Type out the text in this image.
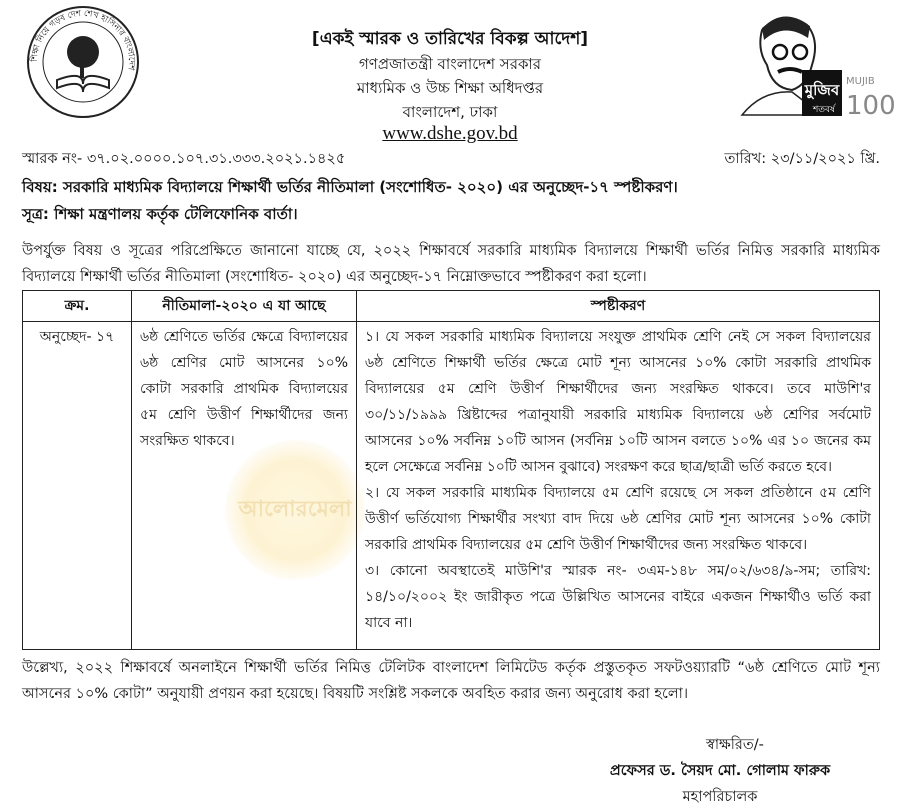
শিক্ষা নিয়ে গড়ব দেশ শেখ হাসিনার বাংলাদেশ
মুজিব
শতবর্ষ
MUJIB
100
[একই স্মারক ও তারিখের বিকল্প আদেশ]
গণপ্রজাতন্ত্রী বাংলাদেশ সরকার
মাধ্যমিক ও উচ্চ শিক্ষা অধিদপ্তর
বাংলাদেশ, ঢাকা
www.dshe.gov.bd
স্মারক নং- ৩৭.০২.০০০০.১০৭.৩১.৩৩৩.২০২১.১৪২৫	তারিখ: ২৩/১১/২০২১ খ্রি.
বিষয়: সরকারি মাধ্যমিক বিদ্যালয়ে শিক্ষার্থী ভর্তির নীতিমালা (সংশোধিত- ২০২০) এর অনুচ্ছেদ-১৭ স্পষ্টীকরণ।
সূত্র: শিক্ষা মন্ত্রণালয় কর্তৃক টেলিফোনিক বার্তা।
উপর্যুক্ত বিষয় ও সূত্রের পরিপ্রেক্ষিতে জানানো যাচ্ছে যে, ২০২২ শিক্ষাবর্ষে সরকারি মাধ্যমিক বিদ্যালয়ে শিক্ষার্থী ভর্তির নিমিত্ত সরকারি মাধ্যমিক বিদ্যালয়ে শিক্ষার্থী ভর্তির নীতিমালা (সংশোধিত- ২০২০) এর অনুচ্ছেদ-১৭ নিম্নোক্তভাবে স্পষ্টীকরণ করা হলো।
আলোরমেলা
ক্রম.	নীতিমালা-২০২০ এ যা আছে	স্পষ্টীকরণ
অনুচ্ছেদ- ১৭	৬ষ্ঠ শ্রেণিতে ভর্তির ক্ষেত্রে বিদ্যালয়ের ৬ষ্ঠ শ্রেণির মোট আসনের ১০% কোটা সরকারি প্রাথমিক বিদ্যালয়ের ৫ম শ্রেণি উত্তীর্ণ শিক্ষার্থীদের জন্য সংরক্ষিত থাকবে।	১। যে সকল সরকারি মাধ্যমিক বিদ্যালয়ে সংযুক্ত প্রাথমিক শ্রেণি নেই সে সকল বিদ্যালয়ের ৬ষ্ঠ শ্রেণিতে শিক্ষার্থী ভর্তির ক্ষেত্রে মোট শূন্য আসনের ১০% কোটা সরকারি প্রাথমিক বিদ্যালয়ের ৫ম শ্রেণি উত্তীর্ণ শিক্ষার্থীদের জন্য সংরক্ষিত থাকবে। তবে মাউশি'র ৩০/১১/১৯৯৯ খ্রিষ্টাব্দের পত্রানুযায়ী সরকারি মাধ্যমিক বিদ্যালয়ে ৬ষ্ঠ শ্রেণির সর্বমোট আসনের ১০% সর্বনিম্ন ১০টি আসন (সর্বনিম্ন ১০টি আসন বলতে ১০% এর ১০ জনের কম হলে সেক্ষেত্রে সর্বনিম্ন ১০টি আসন বুঝাবে) সংরক্ষণ করে ছাত্র/ছাত্রী ভর্তি করতে হবে।

২। যে সকল সরকারি মাধ্যমিক বিদ্যালয়ে ৫ম শ্রেণি রয়েছে সে সকল প্রতিষ্ঠানে ৫ম শ্রেণি উত্তীর্ণ ভর্তিযোগ্য শিক্ষার্থীর সংখ্যা বাদ দিয়ে ৬ষ্ঠ শ্রেণির মোট শূন্য আসনের ১০% কোটা সরকারি প্রাথমিক বিদ্যালয়ের ৫ম শ্রেণি উত্তীর্ণ শিক্ষার্থীদের জন্য সংরক্ষিত থাকবে।

৩। কোনো অবস্থাতেই মাউশি'র স্মারক নং- ৩এম-১৪৮ সম/০২/৬৩৪/৯-সম; তারিখ: ১৪/১০/২০০২ ইং জারীকৃত পত্রে উল্লিখিত আসনের বাইরে একজন শিক্ষার্থীও ভর্তি করা যাবে না।

উল্লেখ্য, ২০২২ শিক্ষাবর্ষে অনলাইনে শিক্ষার্থী ভর্তির নিমিত্ত টেলিটক বাংলাদেশ লিমিটেড কর্তৃক প্রস্তুতকৃত সফটওয়্যারটি “৬ষ্ঠ শ্রেণিতে মোট শূন্য আসনের ১০% কোটা” অনুযায়ী প্রণয়ন করা হয়েছে। বিষয়টি সংশ্লিষ্ট সকলকে অবহিত করার জন্য অনুরোধ করা হলো।
স্বাক্ষরিত/-
প্রফেসর ড. সৈয়দ মো. গোলাম ফারুক
মহাপরিচালক
